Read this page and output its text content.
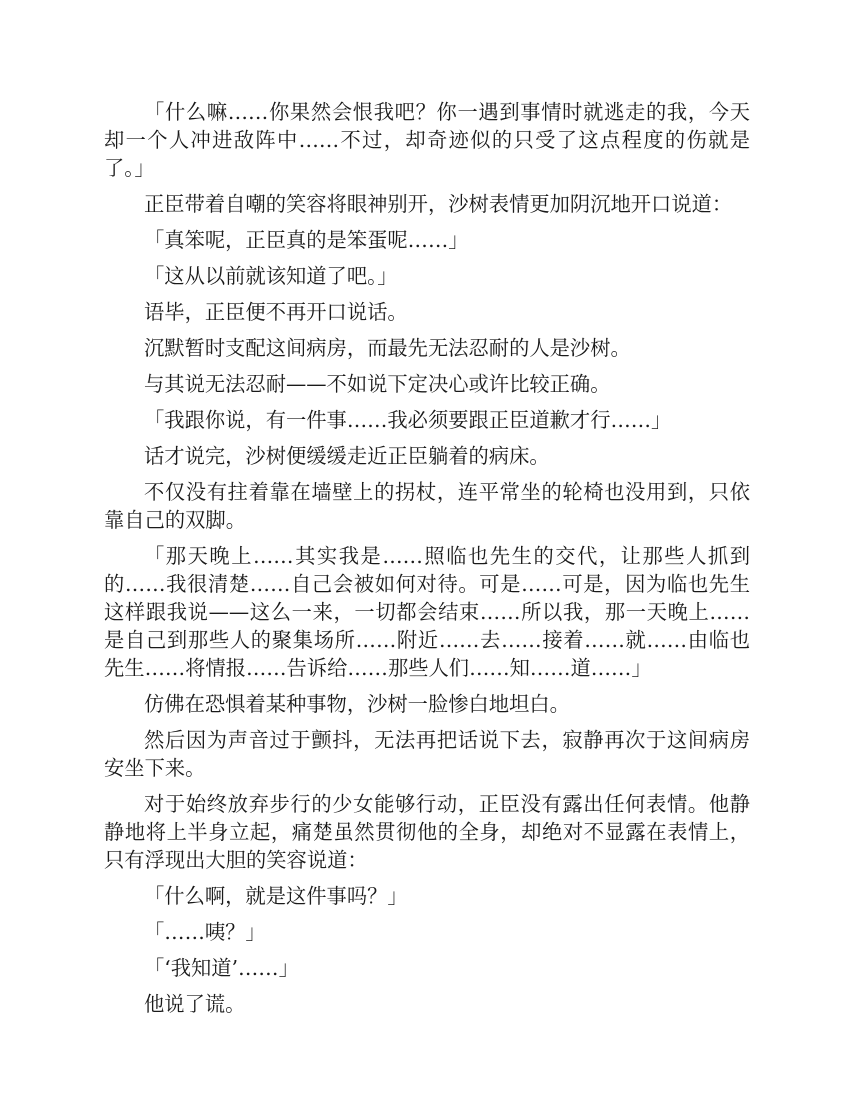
「什么嘛……你果然会恨我吧？你一遇到事情时就逃走的我，今天却一个人冲进敌阵中……不过，却奇迹似的只受了这点程度的伤就是了。」

正臣带着自嘲的笑容将眼神别开，沙树表情更加阴沉地开口说道：

「真笨呢，正臣真的是笨蛋呢……」

「这从以前就该知道了吧。」

语毕，正臣便不再开口说话。

沉默暂时支配这间病房，而最先无法忍耐的人是沙树。

与其说无法忍耐——不如说下定决心或许比较正确。

「我跟你说，有一件事……我必须要跟正臣道歉才行……」

话才说完，沙树便缓缓走近正臣躺着的病床。

不仅没有拄着靠在墙壁上的拐杖，连平常坐的轮椅也没用到，只依靠自己的双脚。

「那天晚上……其实我是……照临也先生的交代，让那些人抓到的……我很清楚……自己会被如何对待。可是……可是，因为临也先生这样跟我说——这么一来，一切都会结束……所以我，那一天晚上……是自己到那些人的聚集场所……附近……去……接着……就……由临也先生……将情报……告诉给……那些人们……知……道……」

仿佛在恐惧着某种事物，沙树一脸惨白地坦白。

然后因为声音过于颤抖，无法再把话说下去，寂静再次于这间病房安坐下来。

对于始终放弃步行的少女能够行动，正臣没有露出任何表情。他静静地将上半身立起，痛楚虽然贯彻他的全身，却绝对不显露在表情上，只有浮现出大胆的笑容说道：

「什么啊，就是这件事吗？」

「……咦？」

「‘我知道’……」

他说了谎。
